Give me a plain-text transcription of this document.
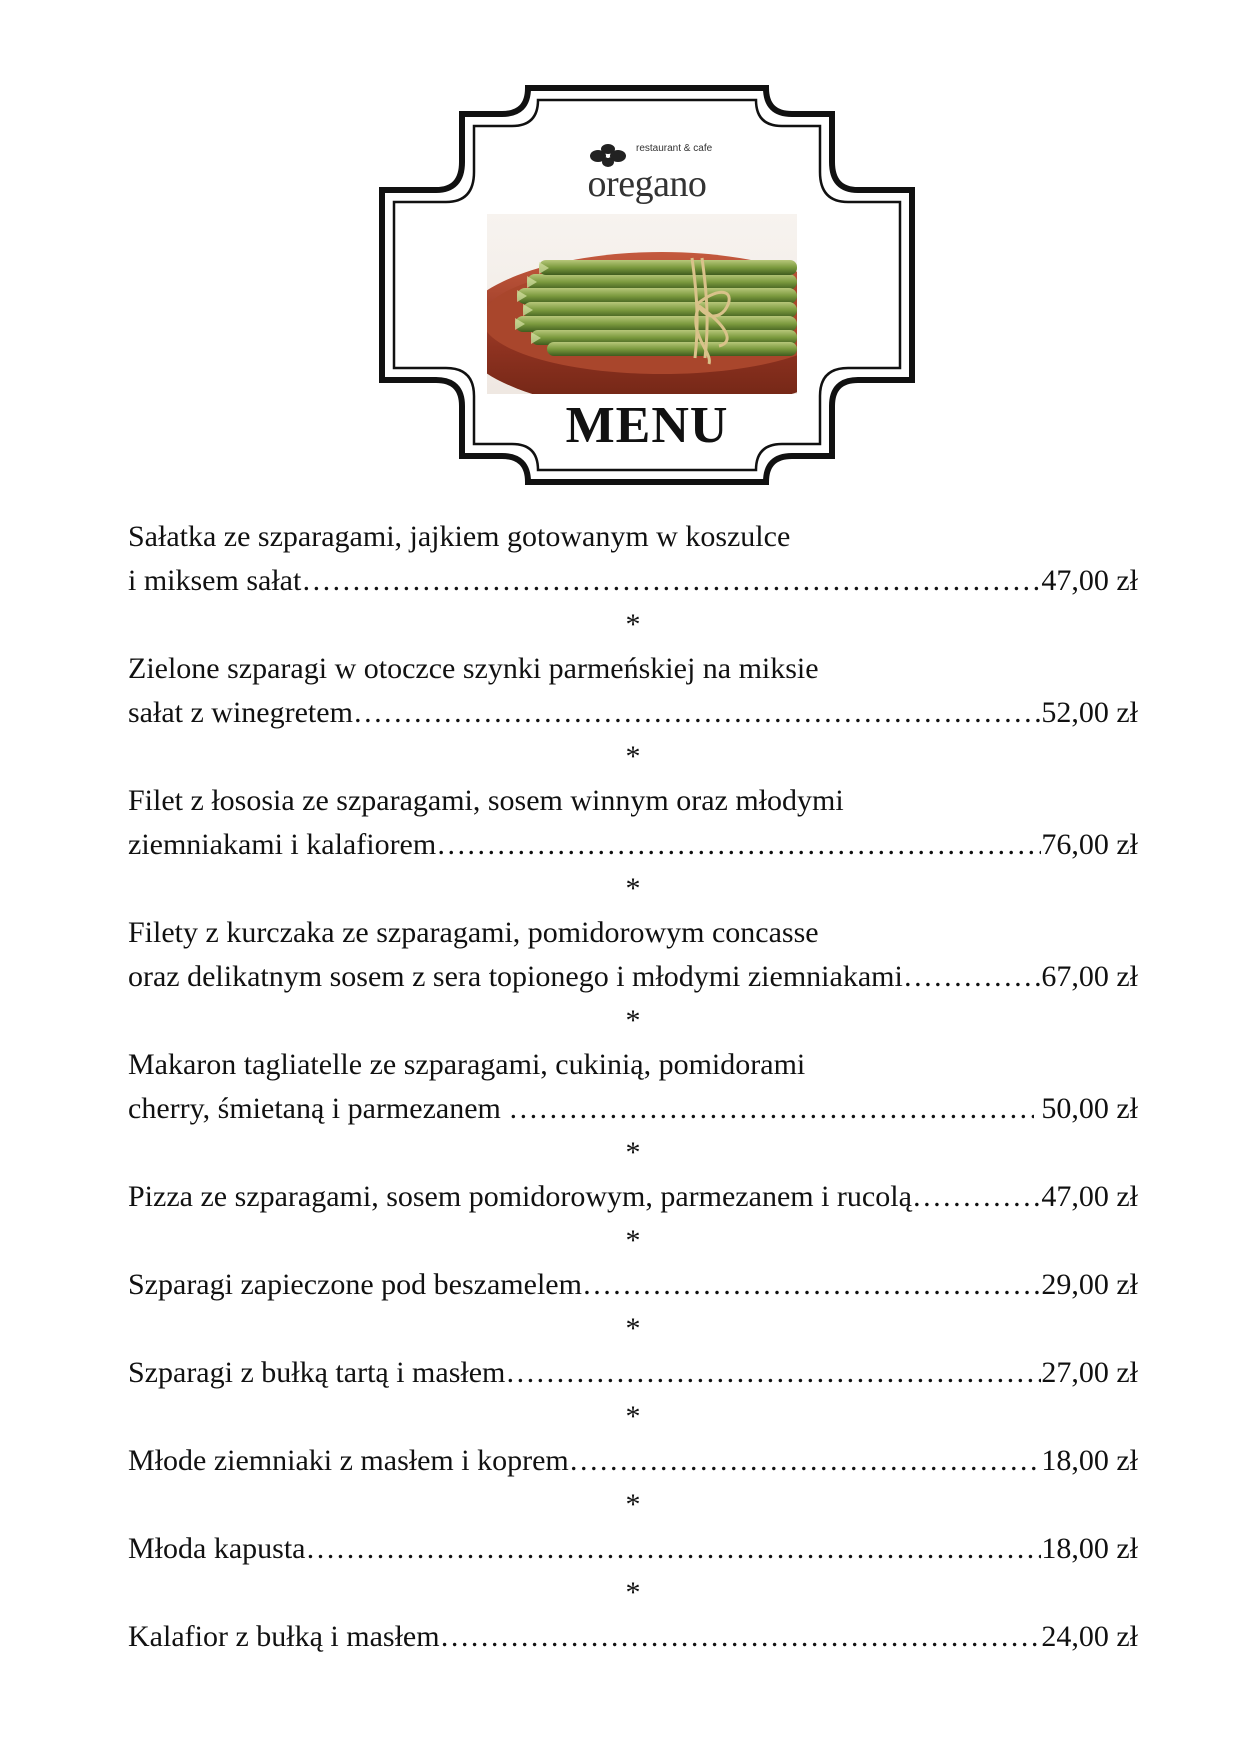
restaurant & cafe
oregano
MENU
Sałatka ze szparagami, jajkiem gotowanym w koszulce
i miksem sałat ………………………………………………………………………………………………………………………………………………………………	47,00 zł
*
Zielone szparagi w otoczce szynki parmeńskiej na miksie
sałat z winegretem ………………………………………………………………………………………………………………………………………………………………	52,00 zł
*
Filet z łososia ze szparagami, sosem winnym oraz młodymi
ziemniakami i kalafiorem ………………………………………………………………………………………………………………………………………………………………	76,00 zł
*
Filety z kurczaka ze szparagami, pomidorowym concasse
oraz delikatnym sosem z sera topionego i młodymi ziemniakami ………………………………………………………………………………………………………………………………………………………………	67,00 zł
*
Makaron tagliatelle ze szparagami, cukinią, pomidorami
cherry, śmietaną i parmezanem ………………………………………………………………………………………………………………………………………………………………	50,00 zł
*
Pizza ze szparagami, sosem pomidorowym, parmezanem i rucolą ………………………………………………………………………………………………………………………………………………………………	47,00 zł
*
Szparagi zapieczone pod beszamelem ………………………………………………………………………………………………………………………………………………………………	29,00 zł
*
Szparagi z bułką tartą i masłem ………………………………………………………………………………………………………………………………………………………………	27,00 zł
*
Młode ziemniaki z masłem i koprem ………………………………………………………………………………………………………………………………………………………………	18,00 zł
*
Młoda kapusta ………………………………………………………………………………………………………………………………………………………………	18,00 zł
*
Kalafior z bułką i masłem ………………………………………………………………………………………………………………………………………………………………	24,00 zł
